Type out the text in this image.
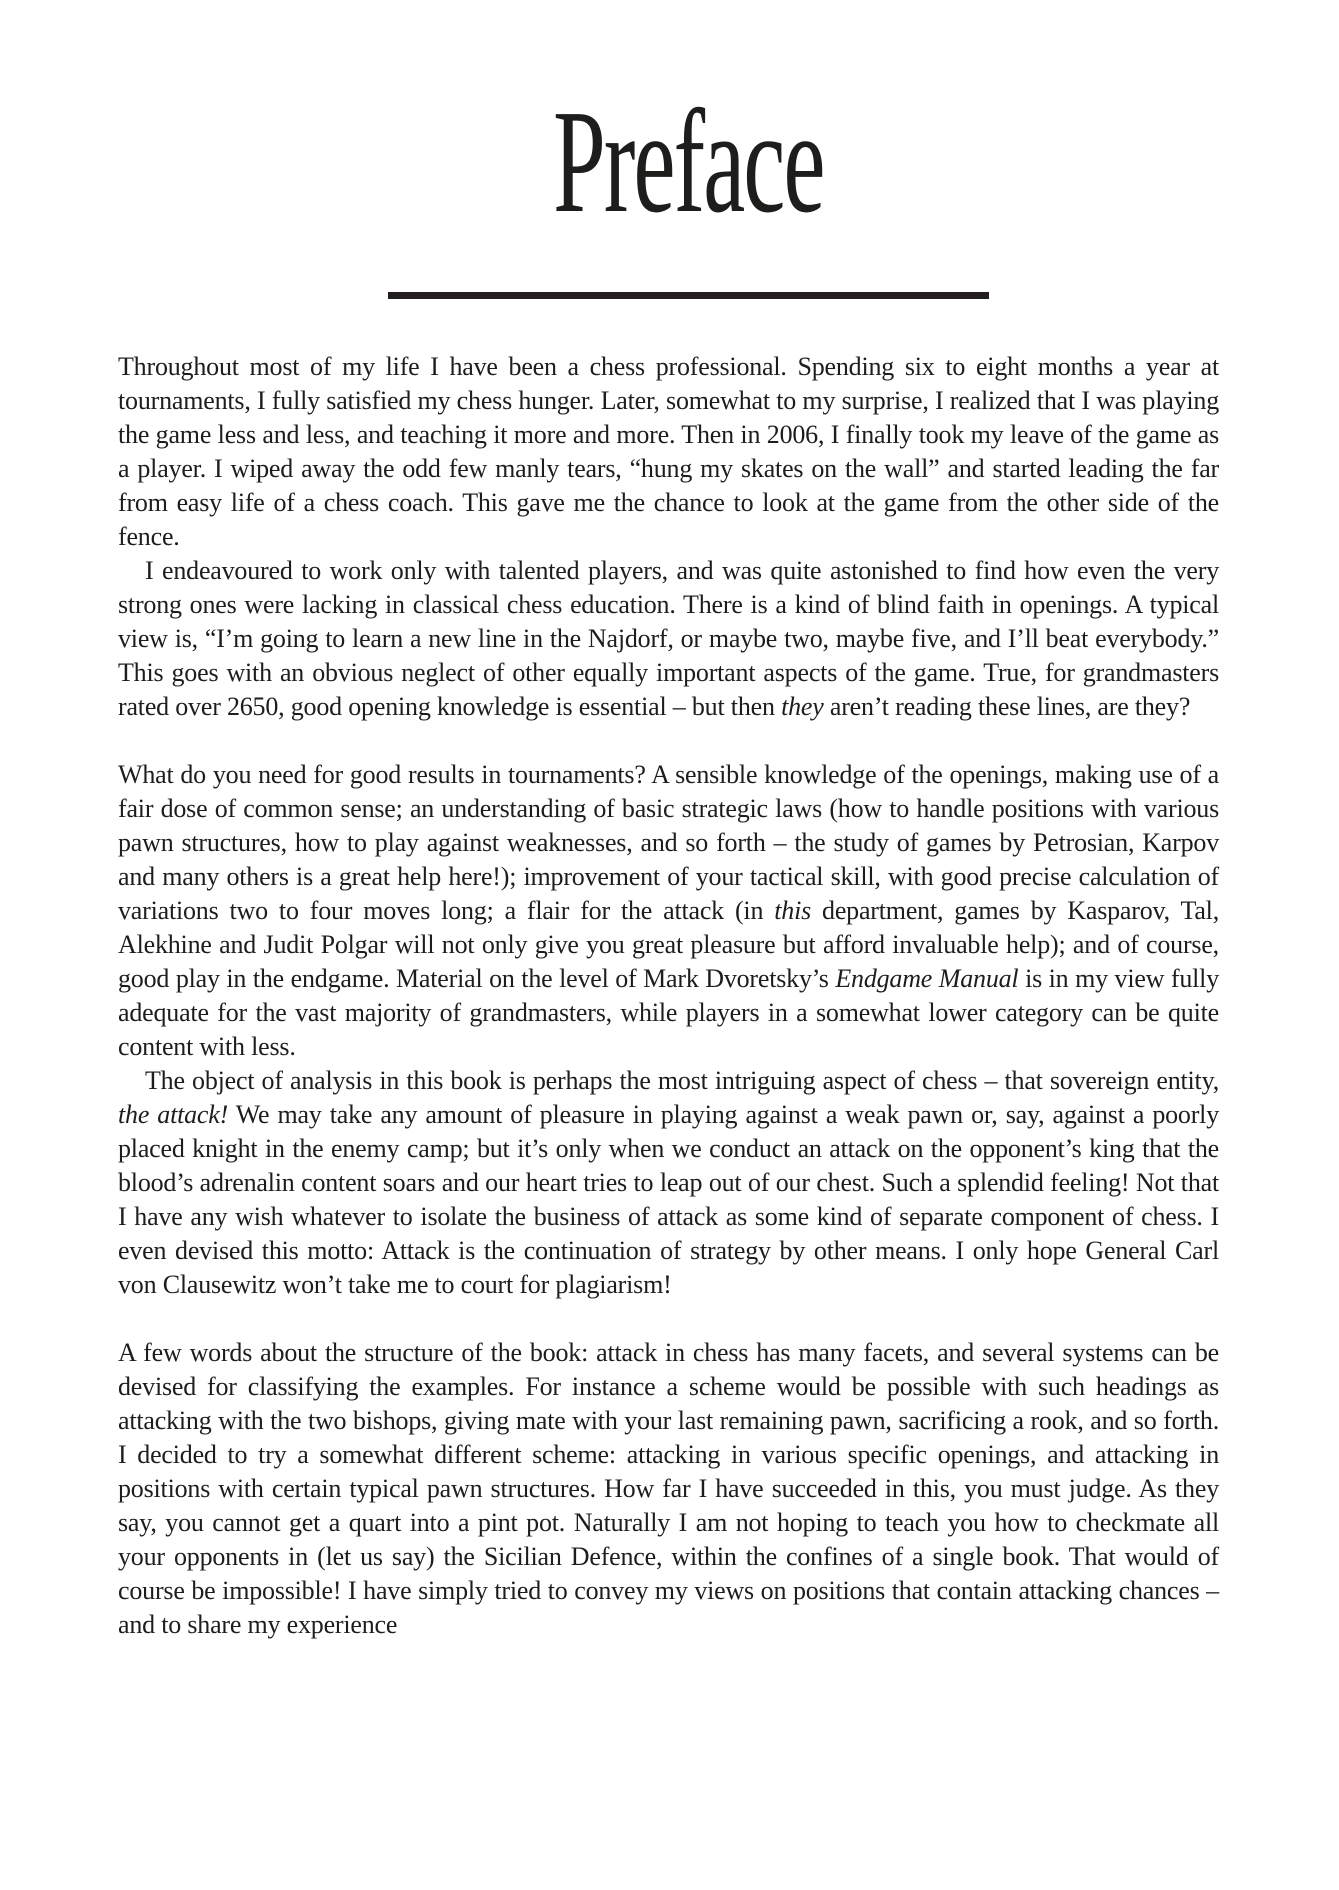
Preface

Throughout most of my life I have been a chess professional. Spending six to eight months a year at tournaments, I fully satisfied my chess hunger. Later, somewhat to my surprise, I realized that I was playing the game less and less, and teaching it more and more. Then in 2006, I finally took my leave of the game as a player. I wiped away the odd few manly tears, “hung my skates on the wall” and started leading the far from easy life of a chess coach. This gave me the chance to look at the game from the other side of the fence.

I endeavoured to work only with talented players, and was quite astonished to find how even the very strong ones were lacking in classical chess education. There is a kind of blind faith in openings. A typical view is, “I’m going to learn a new line in the Najdorf, or maybe two, maybe five, and I’ll beat everybody.” This goes with an obvious neglect of other equally important aspects of the game. True, for grandmasters rated over 2650, good opening knowledge is essential – but then they aren’t reading these lines, are they?

What do you need for good results in tournaments? A sensible knowledge of the openings, making use of a fair dose of common sense; an understanding of basic strategic laws (how to handle positions with various pawn structures, how to play against weaknesses, and so forth – the study of games by Petrosian, Karpov and many others is a great help here!); improvement of your tactical skill, with good precise calculation of variations two to four moves long; a flair for the attack (in this department, games by Kasparov, Tal, Alekhine and Judit Polgar will not only give you great pleasure but afford invaluable help); and of course, good play in the endgame. Material on the level of Mark Dvoretsky’s Endgame Manual is in my view fully adequate for the vast majority of grandmasters, while players in a somewhat lower category can be quite content with less.

The object of analysis in this book is perhaps the most intriguing aspect of chess – that sovereign entity, the attack! We may take any amount of pleasure in playing against a weak pawn or, say, against a poorly placed knight in the enemy camp; but it’s only when we conduct an attack on the opponent’s king that the blood’s adrenalin content soars and our heart tries to leap out of our chest. Such a splendid feeling! Not that I have any wish whatever to isolate the business of attack as some kind of separate component of chess. I even devised this motto: Attack is the continuation of strategy by other means. I only hope General Carl von Clausewitz won’t take me to court for plagiarism!

A few words about the structure of the book: attack in chess has many facets, and several systems can be devised for classifying the examples. For instance a scheme would be possible with such headings as attacking with the two bishops, giving mate with your last remaining pawn, sacrificing a rook, and so forth. I decided to try a somewhat different scheme: attacking in various specific openings, and attacking in positions with certain typical pawn structures. How far I have succeeded in this, you must judge. As they say, you cannot get a quart into a pint pot. Naturally I am not hoping to teach you how to checkmate all your opponents in (let us say) the Sicilian Defence, within the confines of a single book. That would of course be impossible! I have simply tried to convey my views on positions that contain attacking chances – and to share my experience
